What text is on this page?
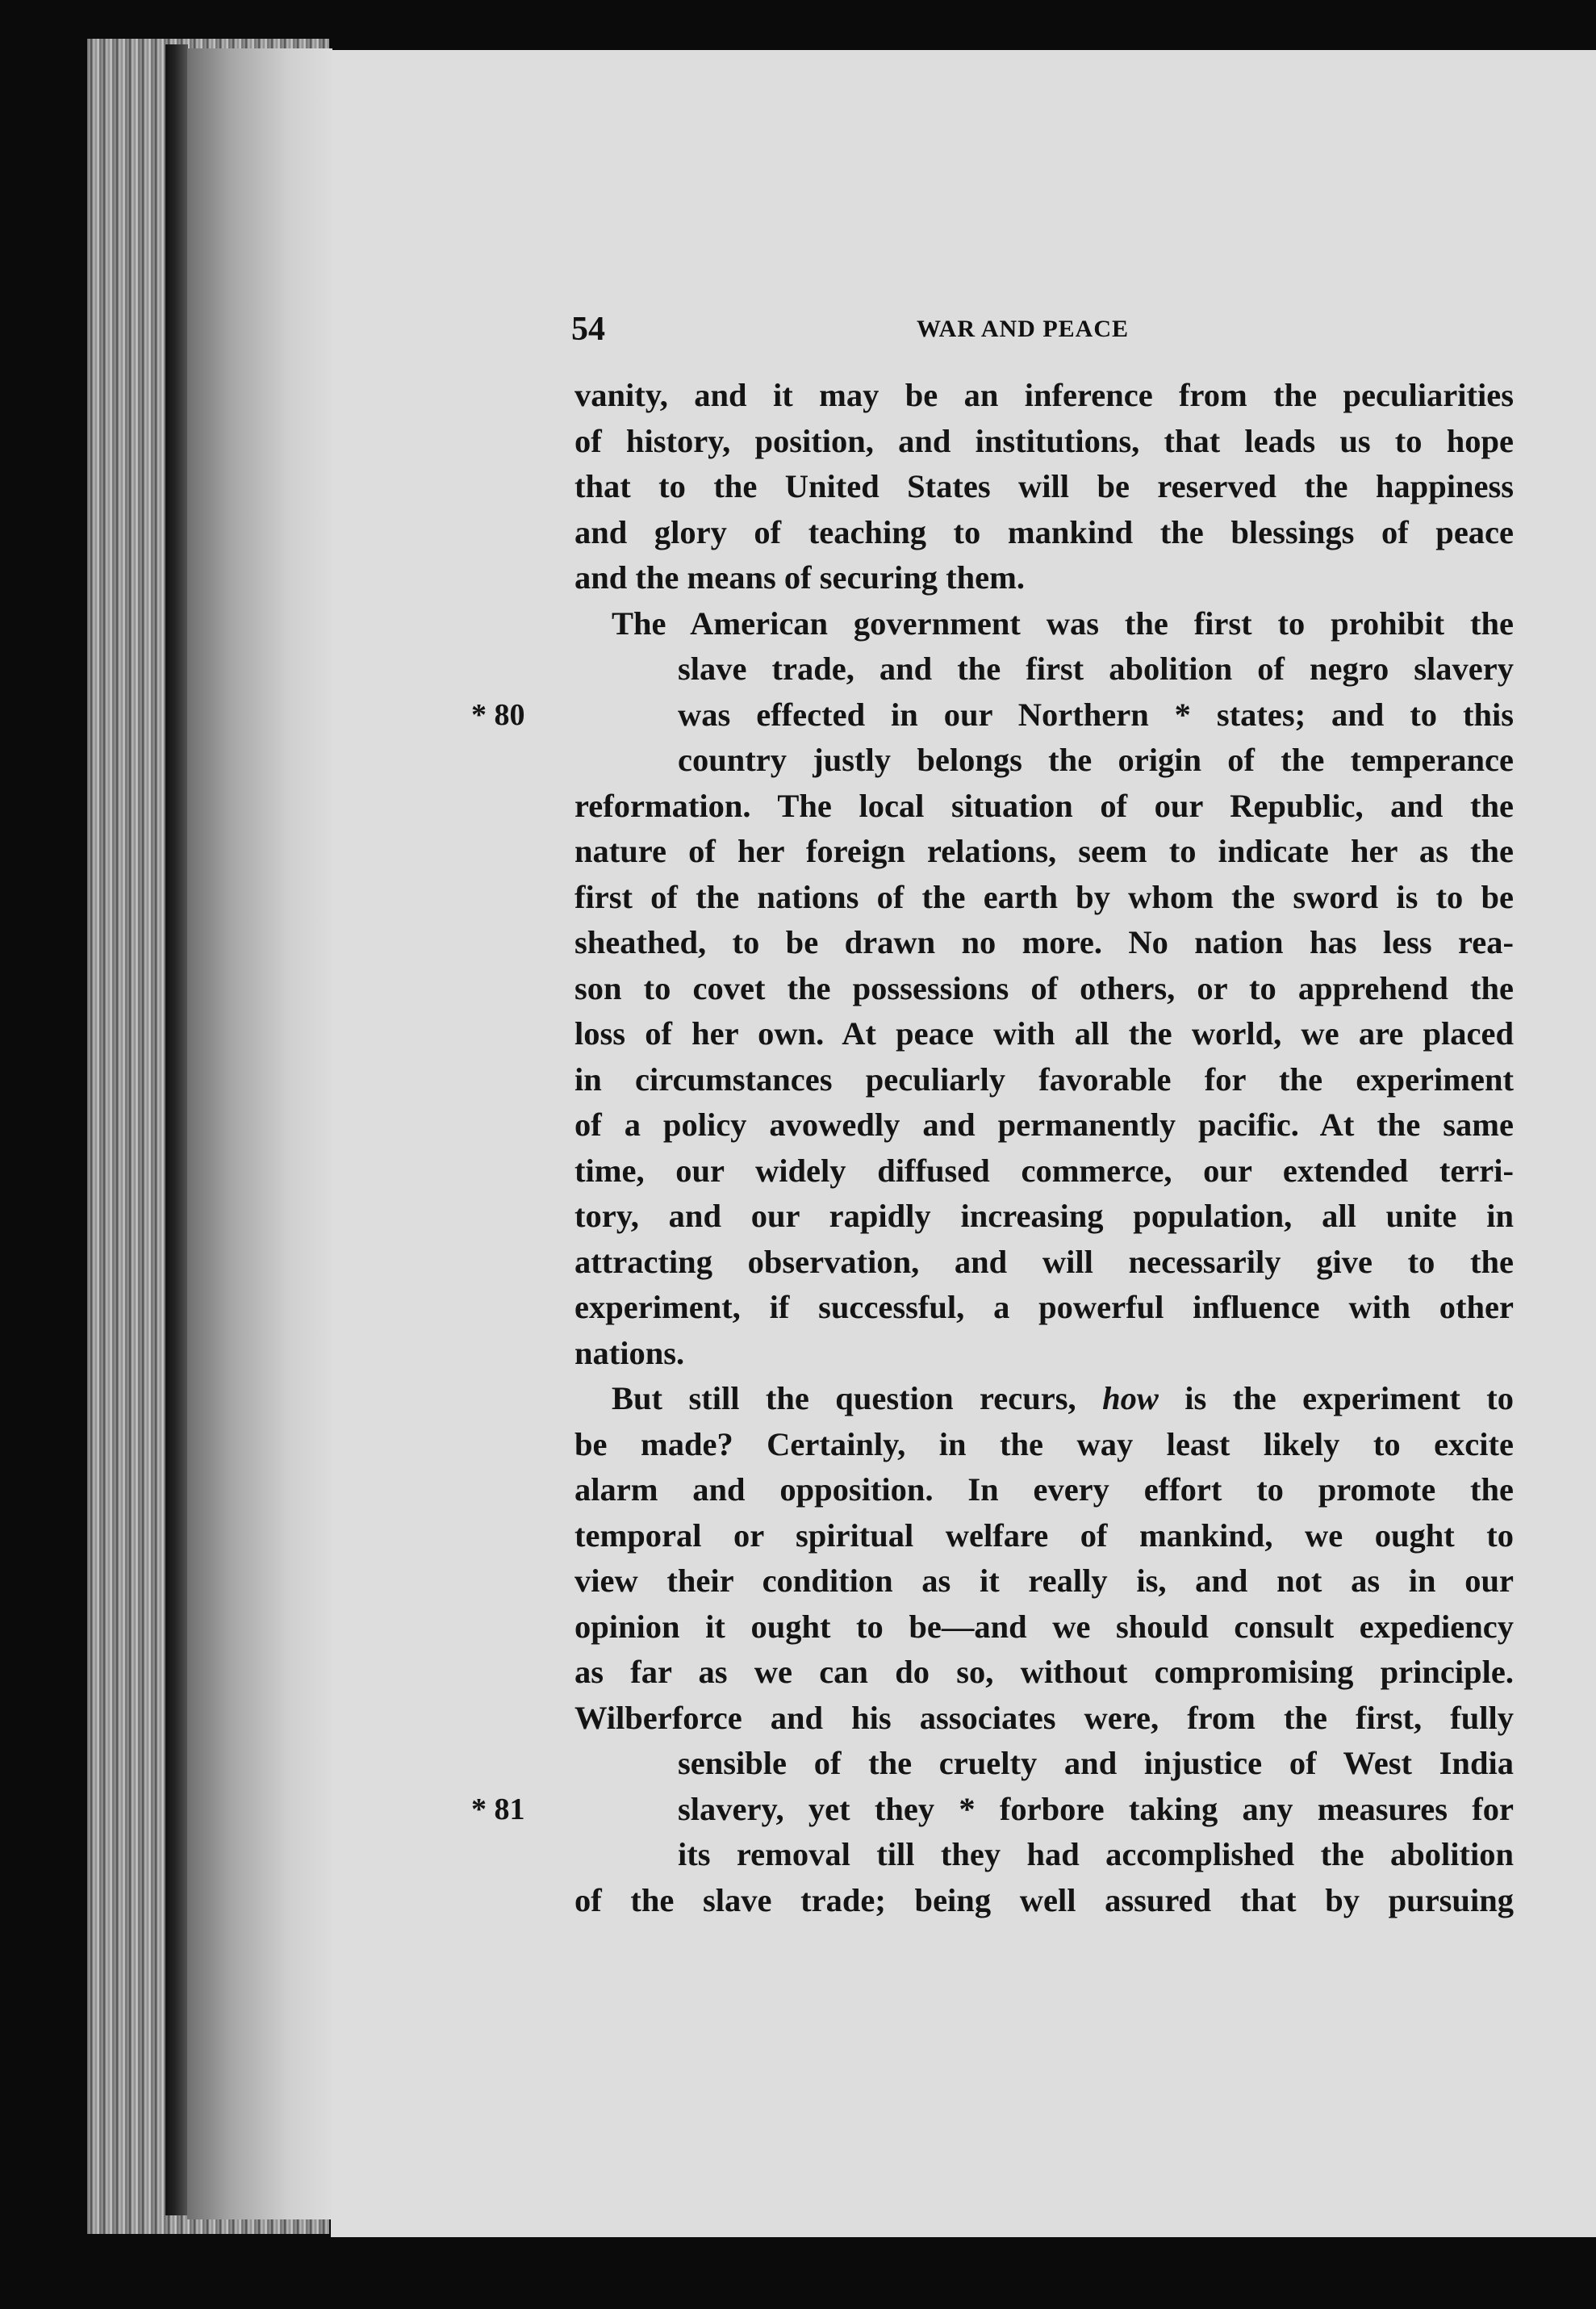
54	WAR AND PEACE
vanity, and it may be an inference from the peculiarities
of history, position, and institutions, that leads us to hope
that to the United States will be reserved the happiness
and glory of teaching to mankind the blessings of peace
and the means of securing them.
The American government was the first to prohibit the
slave trade, and the first abolition of negro slavery
* 80	was effected in our Northern * states; and to this
country justly belongs the origin of the temperance
reformation. The local situation of our Republic, and the
nature of her foreign relations, seem to indicate her as the
first of the nations of the earth by whom the sword is to be
sheathed, to be drawn no more. No nation has less rea-
son to covet the possessions of others, or to apprehend the
loss of her own. At peace with all the world, we are placed
in circumstances peculiarly favorable for the experiment
of a policy avowedly and permanently pacific. At the same
time, our widely diffused commerce, our extended terri-
tory, and our rapidly increasing population, all unite in
attracting observation, and will necessarily give to the
experiment, if successful, a powerful influence with other
nations.
But still the question recurs, how is the experiment to
be made? Certainly, in the way least likely to excite
alarm and opposition. In every effort to promote the
temporal or spiritual welfare of mankind, we ought to
view their condition as it really is, and not as in our
opinion it ought to be—and we should consult expediency
as far as we can do so, without compromising principle.
Wilberforce and his associates were, from the first, fully
sensible of the cruelty and injustice of West India
* 81	slavery, yet they * forbore taking any measures for
its removal till they had accomplished the abolition
of the slave trade; being well assured that by pursuing
